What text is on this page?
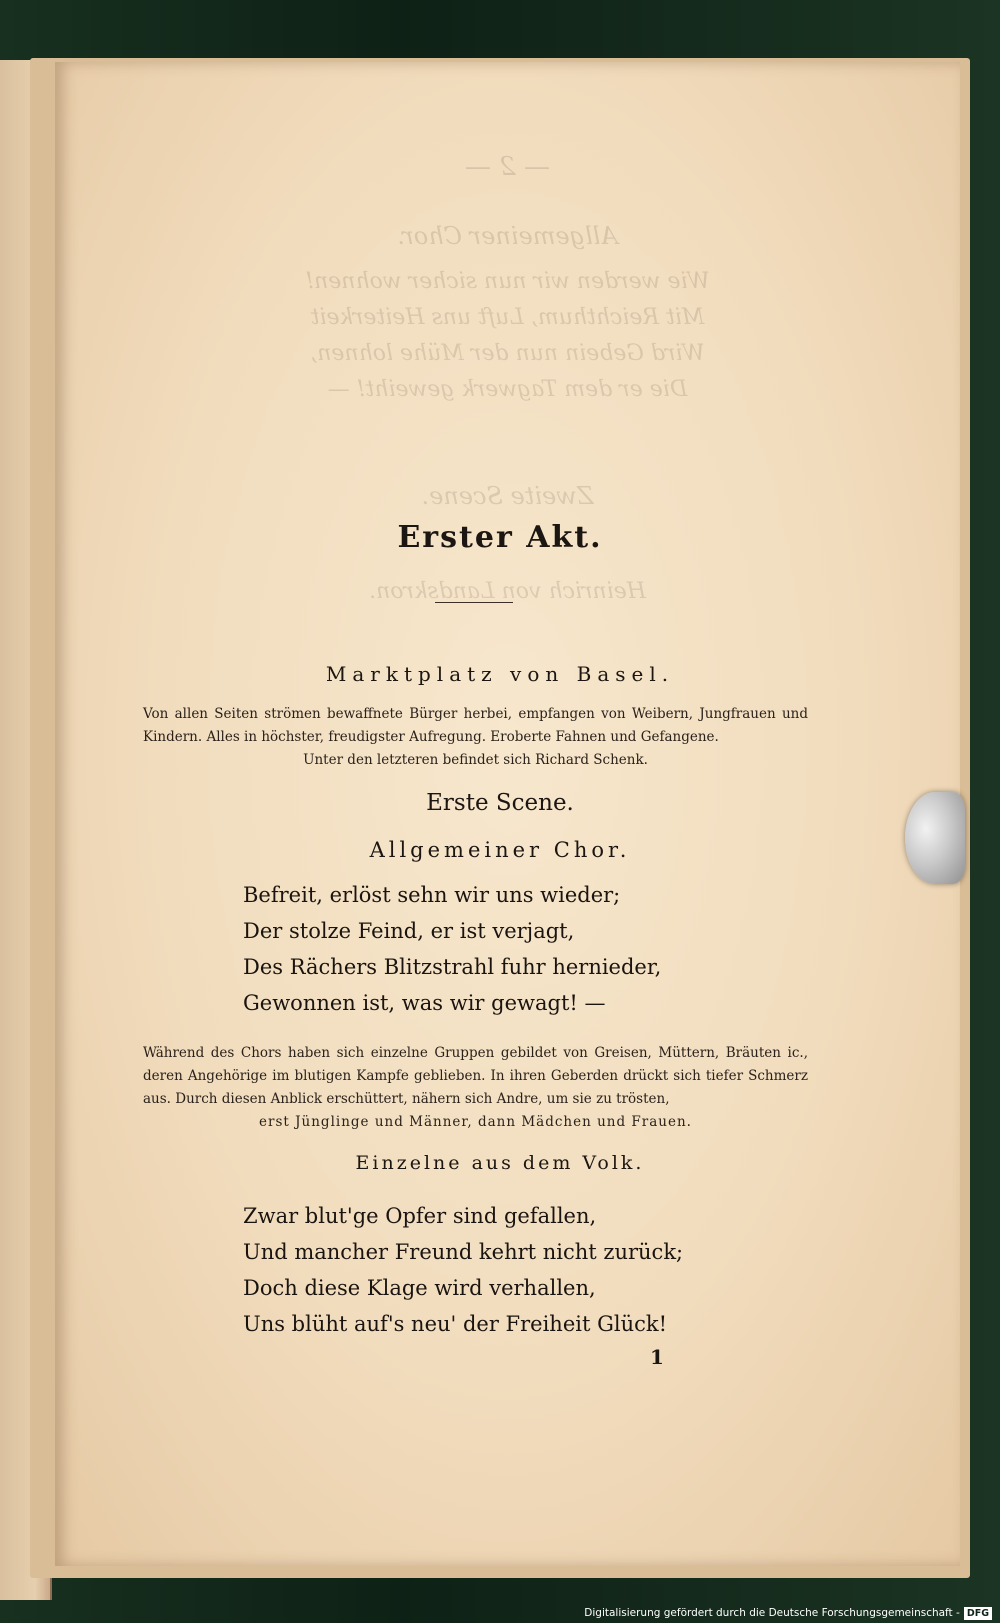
— 2 —
Allgemeiner Chor.
Wie werden wir nun sicher wohnen!
Mit Reichthum, Luft uns Heiterkeit
Wird Gebein nun der Mühe lohnen,
Die er dem Tagwerk geweiht! —
Zweite Scene.
Heinrich von Landskron.
Erster Akt.
Marktplatz von Basel.
Von allen Seiten strömen bewaffnete Bürger herbei, empfangen von Weibern, Jungfrauen und Kindern. Alles in höchster, freudigster Aufregung. Eroberte Fahnen und Gefangene.
Unter den letzteren befindet sich Richard Schenk.
Erste Scene.
Allgemeiner Chor.
Befreit, erlöst sehn wir uns wieder;
Der stolze Feind, er ist verjagt,
Des Rächers Blitzstrahl fuhr hernieder,
Gewonnen ist, was wir gewagt! —
Während des Chors haben sich einzelne Gruppen gebildet von Greisen, Müttern, Bräuten ic., deren Angehörige im blutigen Kampfe geblieben. In ihren Geberden drückt sich tiefer Schmerz aus. Durch diesen Anblick erschüttert, nähern sich Andre, um sie zu trösten,
erst Jünglinge und Männer, dann Mädchen und Frauen.
Einzelne aus dem Volk.
Zwar blut'ge Opfer sind gefallen,
Und mancher Freund kehrt nicht zurück;
Doch diese Klage wird verhallen,
Uns blüht auf's neu' der Freiheit Glück!
1
Digitalisierung gefördert durch die Deutsche Forschungsgemeinschaft - DFG
